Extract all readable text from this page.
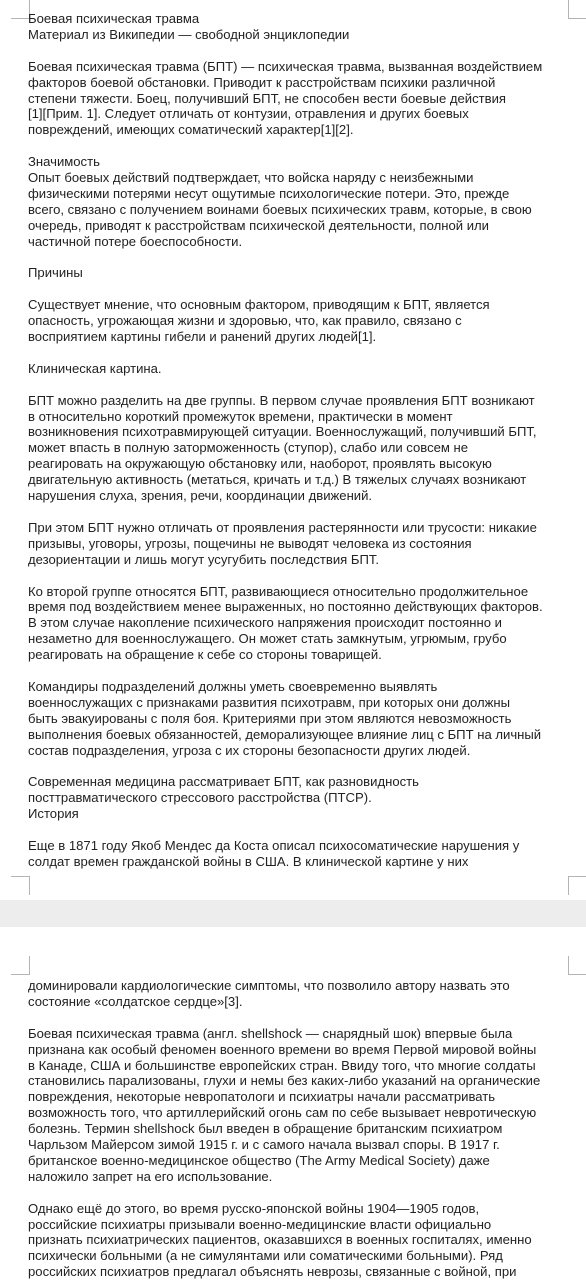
Боевая психическая травма
Материал из Википедии — свободной энциклопедии
Боевая психическая травма (БПТ) — психическая травма, вызванная воздействием
факторов боевой обстановки. Приводит к расстройствам психики различной
степени тяжести. Боец, получивший БПТ, не способен вести боевые действия
[1][Прим. 1]. Следует отличать от контузии, отравления и других боевых
повреждений, имеющих соматический характер[1][2].
Значимость
Опыт боевых действий подтверждает, что войска наряду с неизбежными
физическими потерями несут ощутимые психологические потери. Это, прежде
всего, связано с получением воинами боевых психических травм, которые, в свою
очередь, приводят к расстройствам психической деятельности, полной или
частичной потере боеспособности.
Причины
Существует мнение, что основным фактором, приводящим к БПТ, является
опасность, угрожающая жизни и здоровью, что, как правило, связано с
восприятием картины гибели и ранений других людей[1].
Клиническая картина.
БПТ можно разделить на две группы. В первом случае проявления БПТ возникают
в относительно короткий промежуток времени, практически в момент
возникновения психотравмирующей ситуации. Военнослужащий, получивший БПТ,
может впасть в полную заторможенность (ступор), слабо или совсем не
реагировать на окружающую обстановку или, наоборот, проявлять высокую
двигательную активность (метаться, кричать и т.д.) В тяжелых случаях возникают
нарушения слуха, зрения, речи, координации движений.
При этом БПТ нужно отличать от проявления растерянности или трусости: никакие
призывы, уговоры, угрозы, пощечины не выводят человека из состояния
дезориентации и лишь могут усугубить последствия БПТ.
Ко второй группе относятся БПТ, развивающиеся относительно продолжительное
время под воздействием менее выраженных, но постоянно действующих факторов.
В этом случае накопление психического напряжения происходит постоянно и
незаметно для военнослужащего. Он может стать замкнутым, угрюмым, грубо
реагировать на обращение к себе со стороны товарищей.
Командиры подразделений должны уметь своевременно выявлять
военнослужащих с признаками развития психотравм, при которых они должны
быть эвакуированы с поля боя. Критериями при этом являются невозможность
выполнения боевых обязанностей, деморализующее влияние лиц с БПТ на личный
состав подразделения, угроза с их стороны безопасности других людей.
Современная медицина рассматривает БПТ, как разновидность
посттравматического стрессового расстройства (ПТСР).
История
Еще в 1871 году Якоб Мендес да Коста описал психосоматические нарушения у
солдат времен гражданской войны в США. В клинической картине у них
доминировали кардиологические симптомы, что позволило автору назвать это
состояние «солдатское сердце»[3].
Боевая психическая травма (англ. shellshock — снарядный шок) впервые была
признана как особый феномен военного времени во время Первой мировой войны
в Канаде, США и большинстве европейских стран. Ввиду того, что многие солдаты
становились парализованы, глухи и немы без каких-либо указаний на органические
повреждения, некоторые невропатологи и психиатры начали рассматривать
возможность того, что артиллерийский огонь сам по себе вызывает невротическую
болезнь. Термин shellshock был введен в обращение британским психиатром
Чарльзом Майерсом зимой 1915 г. и с самого начала вызвал споры. В 1917 г.
британское военно-медицинское общество (The Army Medical Society) даже
наложило запрет на его использование.
Однако ещё до этого, во время русско-японской войны 1904—1905 годов,
российские психиатры призывали военно-медицинские власти официально
признать психиатрических пациентов, оказавшихся в военных госпиталях, именно
психически больными (а не симулянтами или соматическими больными). Ряд
российских психиатров предлагал объяснять неврозы, связанные с войной, при
